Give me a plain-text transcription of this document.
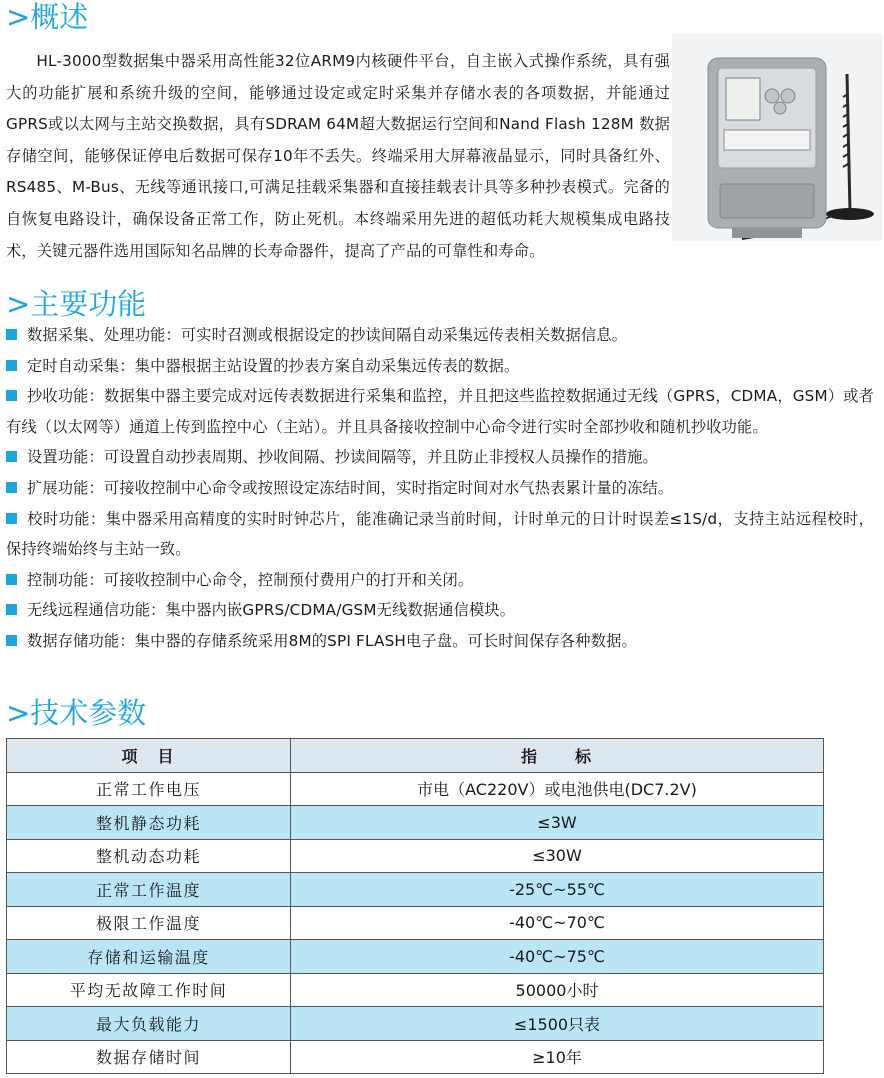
>概述

HL-3000型数据集中器采用高性能32位ARM9内核硬件平台，自主嵌入式操作系统，具有强大的功能扩展和系统升级的空间，能够通过设定或定时采集并存储水表的各项数据，并能通过GPRS或以太网与主站交换数据，具有SDRAM 64M超大数据运行空间和Nand Flash 128M 数据存储空间，能够保证停电后数据可保存10年不丢失。终端采用大屏幕液晶显示，同时具备红外、RS485、M-Bus、无线等通讯接口,可满足挂载采集器和直接挂载表计具等多种抄表模式。完备的自恢复电路设计，确保设备正常工作，防止死机。本终端采用先进的超低功耗大规模集成电路技术，关键元器件选用国际知名品牌的长寿命器件，提高了产品的可靠性和寿命。

>主要功能
数据采集、处理功能：可实时召测或根据设定的抄读间隔自动采集远传表相关数据信息。
定时自动采集：集中器根据主站设置的抄表方案自动采集远传表的数据。
抄收功能：数据集中器主要完成对远传表数据进行采集和监控，并且把这些监控数据通过无线（GPRS，CDMA，GSM）或者有线（以太网等）通道上传到监控中心（主站）。并且具备接收控制中心命令进行实时全部抄收和随机抄收功能。
设置功能：可设置自动抄表周期、抄收间隔、抄读间隔等，并且防止非授权人员操作的措施。
扩展功能：可接收控制中心命令或按照设定冻结时间，实时指定时间对水气热表累计量的冻结。
校时功能：集中器采用高精度的实时时钟芯片，能准确记录当前时间，计时单元的日计时误差≤1S/d，支持主站远程校时，保持终端始终与主站一致。
控制功能：可接收控制中心命令，控制预付费用户的打开和关闭。
无线远程通信功能：集中器内嵌GPRS/CDMA/GSM无线数据通信模块。
数据存储功能：集中器的存储系统采用8M的SPI FLASH电子盘。可长时间保存各种数据。
>技术参数
项　目	指　　标
正常工作电压	市电（AC220V）或电池供电(DC7.2V)
整机静态功耗	≤3W
整机动态功耗	≤30W
正常工作温度	-25℃~55℃
极限工作温度	-40℃~70℃
存储和运输温度	-40℃~75℃
平均无故障工作时间	50000小时
最大负载能力	≤1500只表
数据存储时间	≥10年
